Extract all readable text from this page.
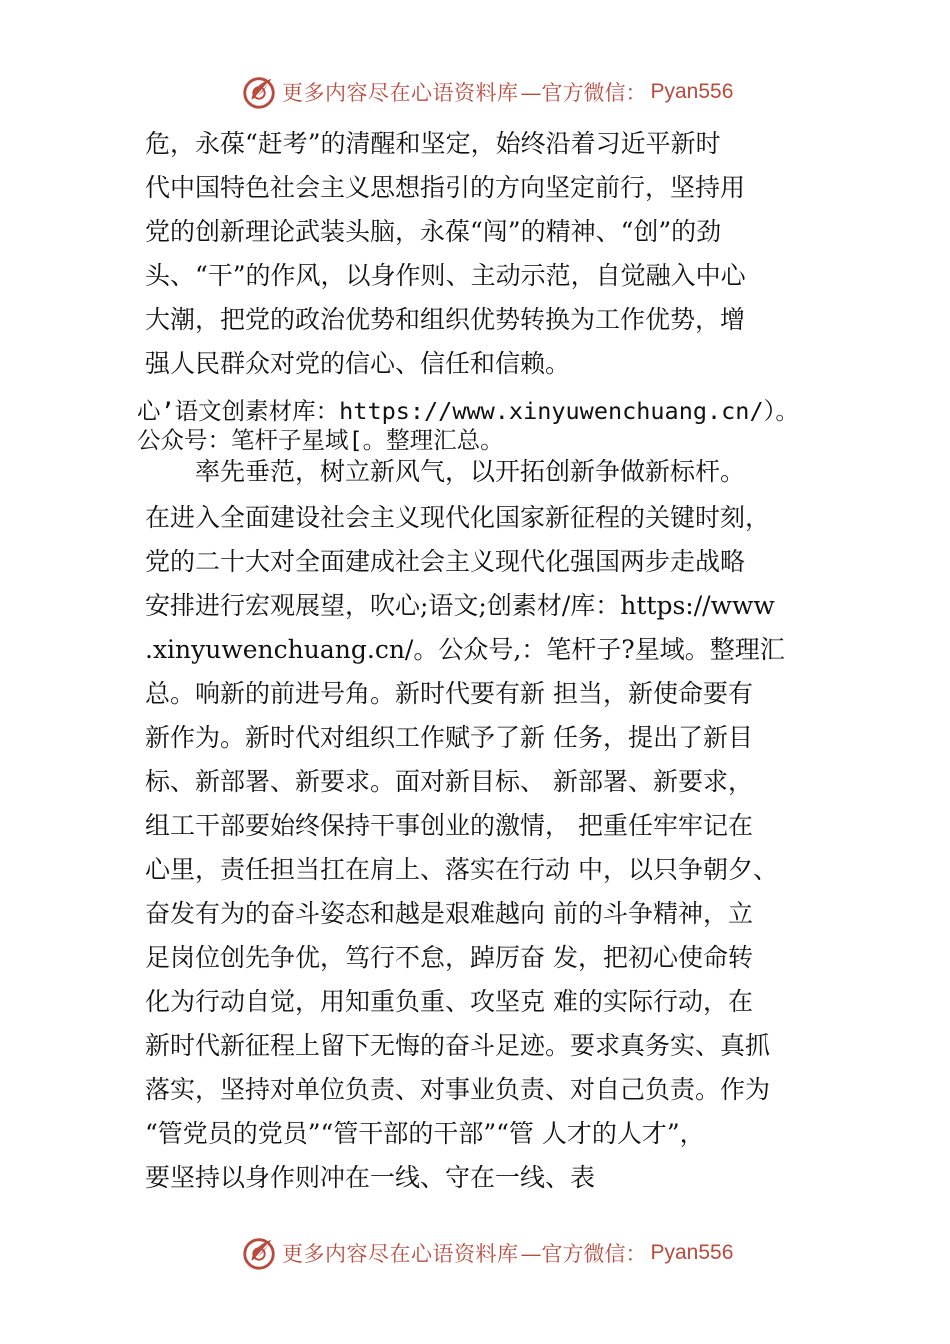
更多内容尽在心语资料库 —官方微信： Pyan556
危，永葆“赶考”的清醒和坚定，始终沿着习近平新时
代中国特色社会主义思想指引的方向坚定前行，坚持用
党的创新理论武装头脑，永葆“闯”的精神、“创”的劲
头、“干”的作风，以身作则、主动示范，自觉融入中心
大潮，把党的政治优势和组织优势转换为工作优势，增
强人民群众对党的信心、信任和信赖。
心’语文创素材库：https://www.xinyuwenchuang.cn/）。
公众号：笔杆子星域[。整理汇总。
　　率先垂范，树立新风气，以开拓创新争做新标杆。
在进入全面建设社会主义现代化国家新征程的关键时刻，
党的二十大对全面建成社会主义现代化强国两步走战略
安排进行宏观展望，吹心;语文;创素材/库：https://www
.xinyuwenchuang.cn/。公众号,：笔杆子?星域。整理汇
总。响新的前进号角。新时代要有新 担当，新使命要有
新作为。新时代对组织工作赋予了新 任务，提出了新目
标、新部署、新要求。面对新目标、 新部署、新要求，
组工干部要始终保持干事创业的激情， 把重任牢牢记在
心里，责任担当扛在肩上、落实在行动 中，以只争朝夕、
奋发有为的奋斗姿态和越是艰难越向 前的斗争精神，立
足岗位创先争优，笃行不怠，踔厉奋 发，把初心使命转
化为行动自觉，用知重负重、攻坚克 难的实际行动，在
新时代新征程上留下无悔的奋斗足迹。要求真务实、真抓
落实，坚持对单位负责、对事业负责、对自己负责。作为
“管党员的党员”“管干部的干部”“管 人才的人才”，
要坚持以身作则冲在一线、守在一线、表
更多内容尽在心语资料库 —官方微信： Pyan556
